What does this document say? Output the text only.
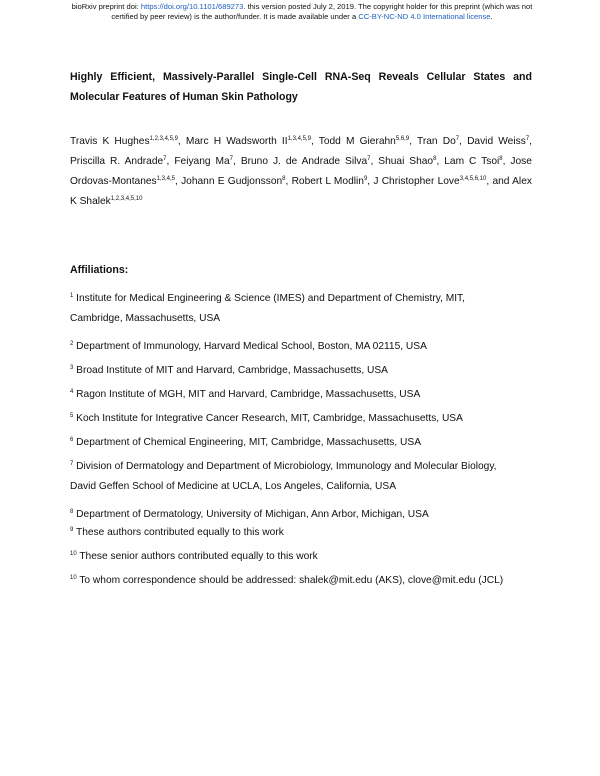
bioRxiv preprint doi: https://doi.org/10.1101/689273. this version posted July 2, 2019. The copyright holder for this preprint (which was not
certified by peer review) is the author/funder. It is made available under a CC-BY-NC-ND 4.0 International license.
Highly Efficient, Massively-Parallel Single-Cell RNA-Seq Reveals Cellular States and Molecular Features of Human Skin Pathology
Travis K Hughes$^{1,2,3,4,5,9}$, Marc H Wadsworth II$^{1,3,4,5,9}$, Todd M Gierahn$^{5,6,9}$, Tran Do$^7$, David Weiss$^7$, Priscilla R. Andrade$^7$, Feiyang Ma$^7$, Bruno J. de Andrade Silva$^7$, Shuai Shao$^8$, Lam C Tsoi$^8$, Jose Ordovas-Montanes$^{1,3,4,5}$, Johann E Gudjonsson$^8$, Robert L Modlin$^9$, J Christopher Love$^{3,4,5,6,10}$, and Alex K Shalek$^{1,2,3,4,5,10}$
Affiliations:
$^1$ Institute for Medical Engineering & Science (IMES) and Department of Chemistry, MIT,
Cambridge, Massachusetts, USA
$^2$ Department of Immunology, Harvard Medical School, Boston, MA 02115, USA
$^3$ Broad Institute of MIT and Harvard, Cambridge, Massachusetts, USA
$^4$ Ragon Institute of MGH, MIT and Harvard, Cambridge, Massachusetts, USA
$^5$ Koch Institute for Integrative Cancer Research, MIT, Cambridge, Massachusetts, USA
$^6$ Department of Chemical Engineering, MIT, Cambridge, Massachusetts, USA
$^7$ Division of Dermatology and Department of Microbiology, Immunology and Molecular Biology,
David Geffen School of Medicine at UCLA, Los Angeles, California, USA
$^8$ Department of Dermatology, University of Michigan, Ann Arbor, Michigan, USA
$^9$ These authors contributed equally to this work
$^{10}$ These senior authors contributed equally to this work
$^{10}$ To whom correspondence should be addressed: shalek@mit.edu (AKS), clove@mit.edu (JCL)
